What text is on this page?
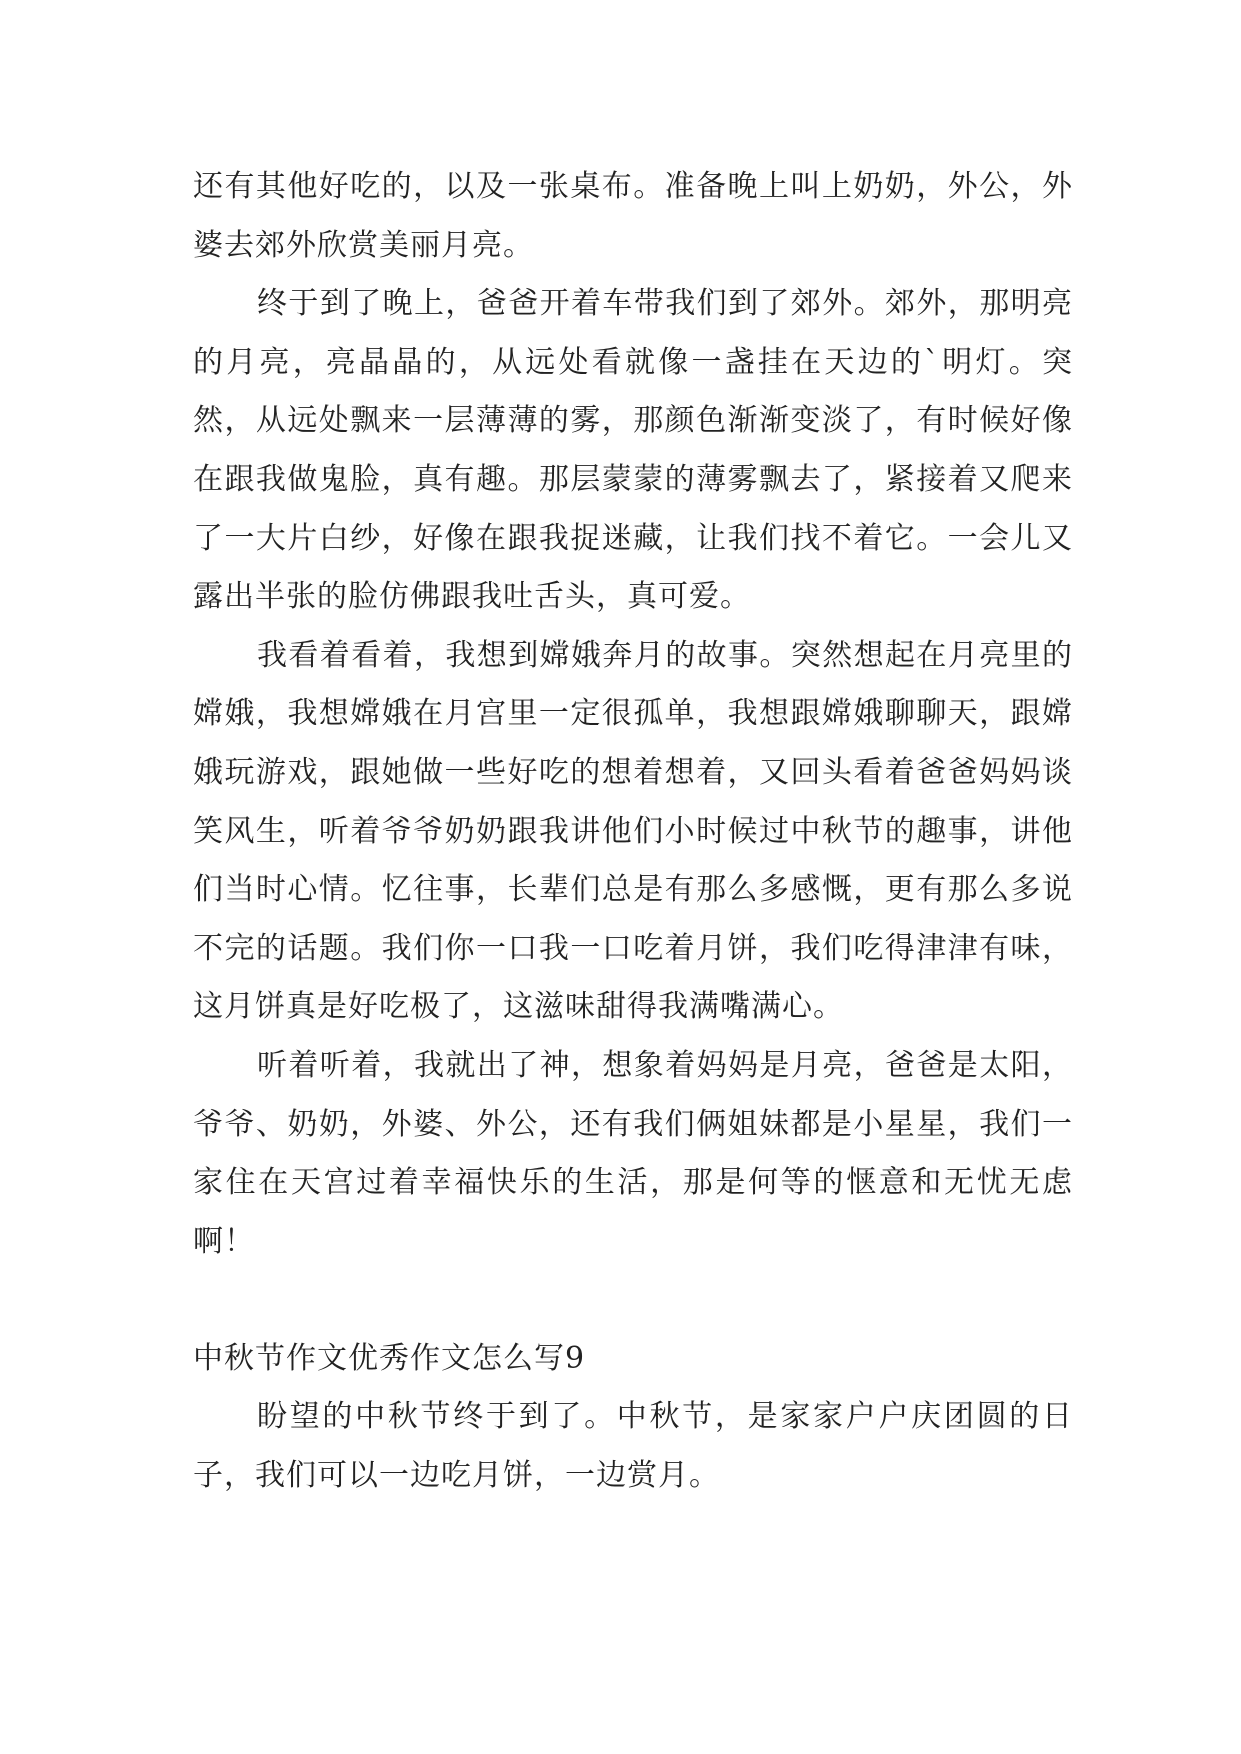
还有其他好吃的，以及一张桌布。准备晚上叫上奶奶，外公，外婆去郊外欣赏美丽月亮。

终于到了晚上，爸爸开着车带我们到了郊外。郊外，那明亮的月亮，亮晶晶的，从远处看就像一盏挂在天边的`明灯。突然，从远处飘来一层薄薄的雾，那颜色渐渐变淡了，有时候好像在跟我做鬼脸，真有趣。那层蒙蒙的薄雾飘去了，紧接着又爬来了一大片白纱，好像在跟我捉迷藏，让我们找不着它。一会儿又露出半张的脸仿佛跟我吐舌头，真可爱。

我看着看着，我想到嫦娥奔月的故事。突然想起在月亮里的嫦娥，我想嫦娥在月宫里一定很孤单，我想跟嫦娥聊聊天，跟嫦娥玩游戏，跟她做一些好吃的想着想着，又回头看着爸爸妈妈谈笑风生，听着爷爷奶奶跟我讲他们小时候过中秋节的趣事，讲他们当时心情。忆往事，长辈们总是有那么多感慨，更有那么多说不完的话题。我们你一口我一口吃着月饼，我们吃得津津有味，这月饼真是好吃极了，这滋味甜得我满嘴满心。

听着听着，我就出了神，想象着妈妈是月亮，爸爸是太阳，爷爷、奶奶，外婆、外公，还有我们俩姐妹都是小星星，我们一家住在天宫过着幸福快乐的生活，那是何等的惬意和无忧无虑啊！

中秋节作文优秀作文怎么写9

盼望的中秋节终于到了。中秋节，是家家户户庆团圆的日子，我们可以一边吃月饼，一边赏月。
